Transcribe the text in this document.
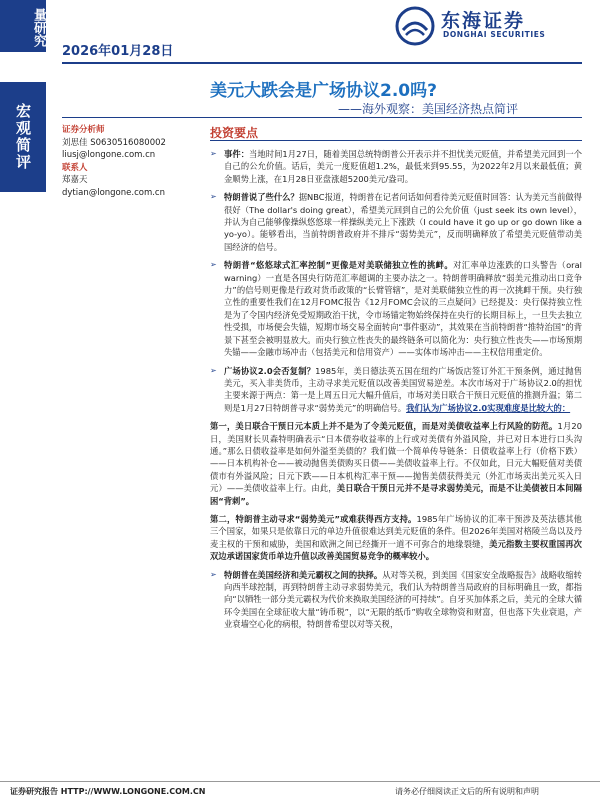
量研究
宏观简评
2026年01月28日
东海证券
DONGHAI SECURITIES
美元大跌会是广场协议2.0吗?
——海外观察：美国经济热点简评
证券分析师
刘思佳 S0630516080002
liusj@longone.com.cn
联系人
郑嘉天
dytian@longone.com.cn
投资要点
➢ 事件：当地时间1月27日，随着美国总统特朗普公开表示并不担忧美元贬值，并希望美元回到一个自己的公允价值。话后，美元一度贬值超1.2%，最低来到95.55，为2022年2月以来最低值；黄金顺势上涨，在1月28日亚盘涨超5200美元/盎司。
➢ 特朗普说了些什么？据NBC报道，特朗普在记者问话如何看待美元贬值时回答：认为美元当前做得很好（The dollar's doing great），希望美元回到自己的公允价值（just seek its own level），并认为自己能够像操纵悠悠球一样操纵美元上下涨跌（I could have it go up or go down like a yo-yo）。能够看出，当前特朗普政府并不排斥“弱势美元”，反而明确释放了希望美元贬值带动美国经济的信号。
➢ 特朗普“悠悠球式汇率控制”更像是对美联储独立性的挑衅。对汇率单边涨跌的口头警告（oral warning）一直是各国央行防范汇率超调的主要办法之一。特朗普明确释放“弱美元推动出口竞争力”的信号则更像是行政对货币政策的“长臂管辖”，是对美联储独立性的再一次挑衅干预。央行独立性的重要性我们在12月FOMC报告《12月FOMC会议的三点疑问》已经提及：央行保持独立性是为了令国内经济免受短期政治干扰，令市场锚定物始终保持在央行的长期目标上，一旦失去独立性受损，市场便会失锚，短期市场交易全面转向“事件驱动”，其效果在当前特朗普“推特治国”的背景下甚至会被明显放大。而央行独立性丧失的最终链条可以简化为：央行独立性丧失——市场预期失锚——金融市场冲击（包括美元和信用资产）——实体市场冲击——主权信用重定价。
➢ 广场协议2.0会否复制？1985年，美日德法英五国在纽约广场饭店签订外汇干预条例，通过抛售美元，买入非美货币，主动寻求美元贬值以改善美国贸易逆差。本次市场对于广场协议2.0的担忧主要来源于两点：第一是上周五日元大幅升值后，市场对美日联合干预日元贬值的推测升温；第二则是1月27日特朗普寻求“弱势美元”的明确信号。我们认为广场协议2.0实现难度是比较大的：
第一，美日联合干预日元本质上并不是为了令美元贬值，而是对美债收益率上行风险的防范。1月20日，美国财长贝森特明确表示“日本债券收益率的上行或对美债有外溢风险，并已对日本进行口头沟通。”那么日债收益率是如何外溢至美债的？我们做一个简单传导链条：日债收益率上行（价格下跌）——日本机构补仓——被动抛售美债购买日债——美债收益率上行。不仅如此，日元大幅贬值对美债债市有外溢风险；日元下跌——日本机构汇率干预——抛售美债获得美元（外汇市场卖出美元买入日元）——美债收益率上行。由此，美日联合干预日元并不是寻求弱势美元，而是不让美债被日本间隔困“背刺”。
第二，特朗普主动寻求“弱势美元”或难获得西方支持。1985年广场协议的汇率干预涉及英法德其他三个国家，如果只是依靠日元的单边升值很难达到美元贬值的条件。但2026年美国对格陵兰岛以及丹麦主权的干预和威胁，美国和欧洲之间已经撕开一道不可弥合的地缘裂缝，美元指数主要权重国再次双边承诺国家货币单边升值以改善美国贸易竞争的概率较小。
➢ 特朗普在美国经济和美元霸权之间的抉择。从对等关税，到美国《国家安全战略报告》战略收缩转向西半球控制，再到特朗普主动寻求弱势美元，我们认为特朗普当局政府的目标明确且一致，都指向“以牺牲一部分美元霸权为代价来换取美国经济的可持续”。自牙买加体系之后，美元的全球大循环令美国在全球征收大量“铸币税”，以“无限的纸币”购收全球物资和财富，但也落下失业衰退，产业衰墙空心化的病根，特朗普希望以对等关税，
证券研究报告 HTTP://WWW.LONGONE.COM.CN	请务必仔细阅读正文后的所有说明和声明
